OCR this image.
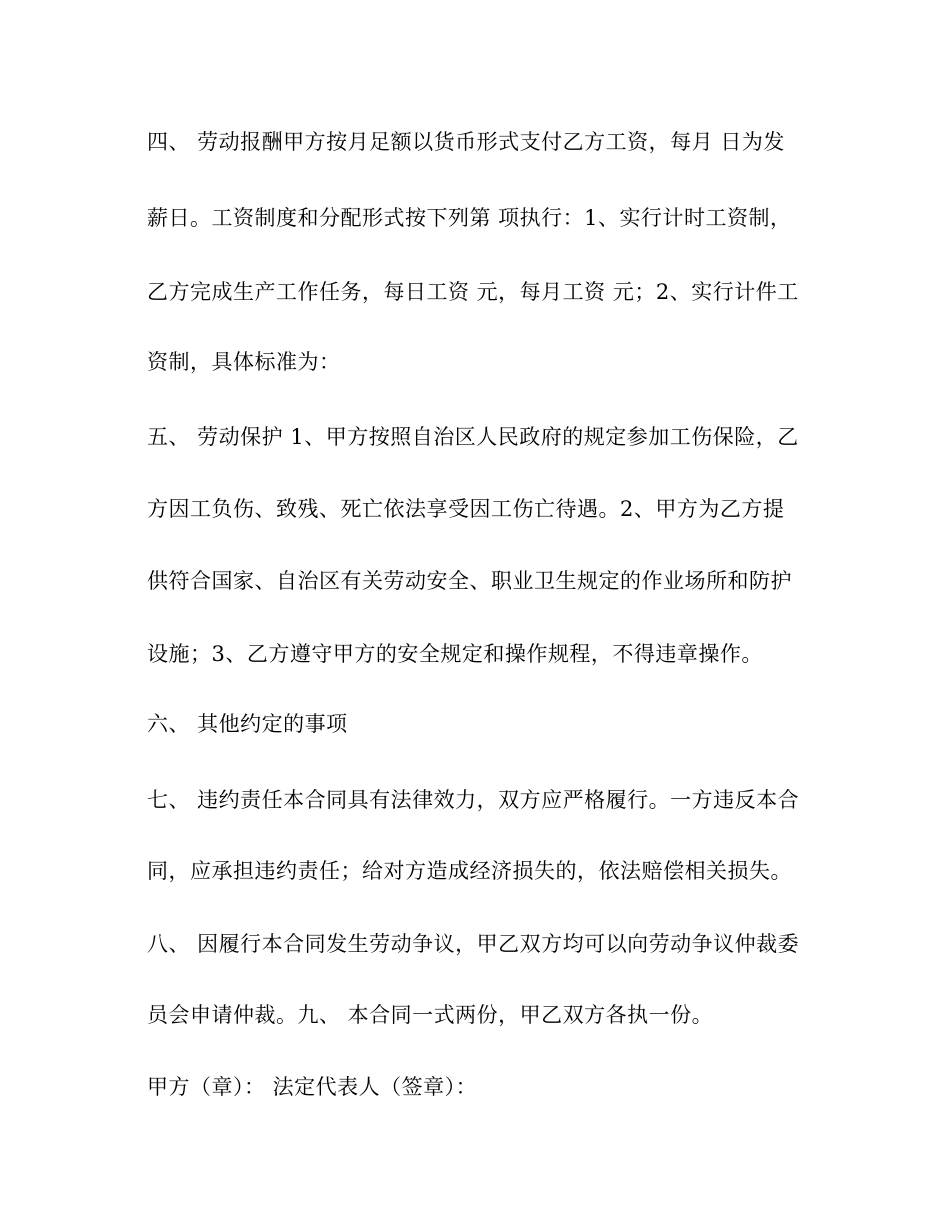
四、 劳动报酬甲方按月足额以货币形式支付乙方工资，每月 日为发
薪日。工资制度和分配形式按下列第 项执行：1、实行计时工资制，
乙方完成生产工作任务，每日工资 元，每月工资 元；2、实行计件工
资制，具体标准为：
五、 劳动保护 1、甲方按照自治区人民政府的规定参加工伤保险，乙
方因工负伤、致残、死亡依法享受因工伤亡待遇。2、甲方为乙方提
供符合国家、自治区有关劳动安全、职业卫生规定的作业场所和防护
设施；3、乙方遵守甲方的安全规定和操作规程，不得违章操作。
六、 其他约定的事项
七、 违约责任本合同具有法律效力，双方应严格履行。一方违反本合
同，应承担违约责任；给对方造成经济损失的，依法赔偿相关损失。
八、 因履行本合同发生劳动争议，甲乙双方均可以向劳动争议仲裁委
员会申请仲裁。九、 本合同一式两份，甲乙双方各执一份。
甲方（章）： 法定代表人（签章）：
